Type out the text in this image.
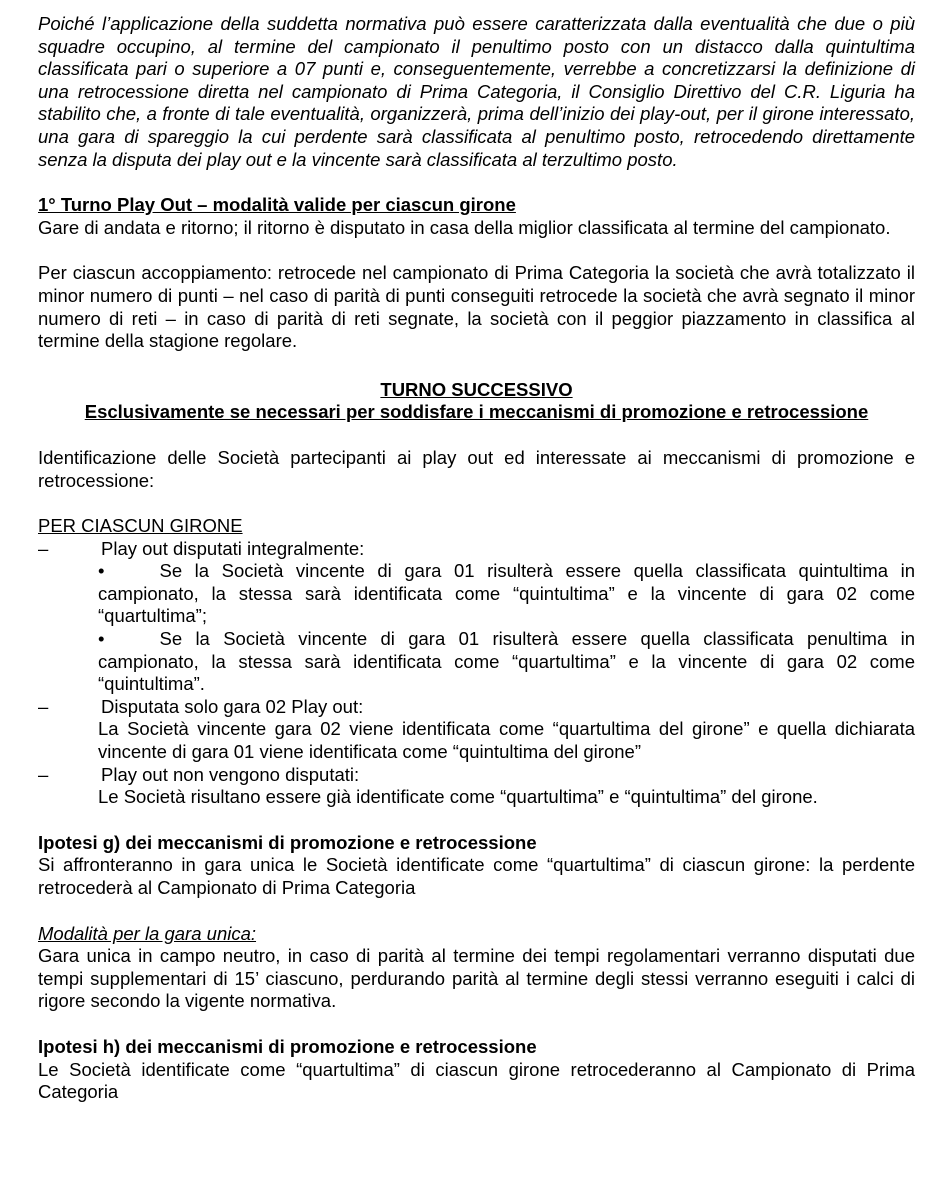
Poiché l’applicazione della suddetta normativa può essere caratterizzata dalla eventualità che due o più squadre occupino, al termine del campionato il penultimo posto con un distacco dalla quintultima classificata pari o superiore a 07 punti e, conseguentemente, verrebbe a concretizzarsi la definizione di una retrocessione diretta nel campionato di Prima Categoria, il Consiglio Direttivo del C.R. Liguria ha stabilito che, a fronte di tale eventualità, organizzerà, prima dell’inizio dei play-out, per il girone interessato, una gara di spareggio la cui perdente sarà classificata al penultimo posto, retrocedendo direttamente senza la disputa dei play out e la vincente sarà classificata al terzultimo posto.

1° Turno Play Out – modalità valide per ciascun girone

Gare di andata e ritorno; il ritorno è disputato in casa della miglior classificata al termine del campionato.

Per ciascun accoppiamento: retrocede nel campionato di Prima Categoria la società che avrà totalizzato il minor numero di punti – nel caso di parità di punti conseguiti retrocede la società che avrà segnato il minor numero di reti – in caso di parità di reti segnate, la società con il peggior piazzamento in classifica al termine della stagione regolare.

TURNO SUCCESSIVO

Esclusivamente se necessari per soddisfare i meccanismi di promozione e retrocessione

Identificazione delle Società partecipanti ai play out ed interessate ai meccanismi di promozione e retrocessione:

PER CIASCUN GIRONE

–	Play out disputati integralmente:

•	Se la Società vincente di gara 01 risulterà essere quella classificata quintultima in campionato, la stessa sarà identificata come “quintultima” e la vincente di gara 02 come “quartultima”;

•	Se la Società vincente di gara 01 risulterà essere quella classificata penultima in campionato, la stessa sarà identificata come “quartultima” e la vincente di gara 02 come “quintultima”.

–	Disputata solo gara 02 Play out:

La Società vincente gara 02 viene identificata come “quartultima del girone” e quella dichiarata vincente di gara 01 viene identificata come “quintultima del girone”

–	Play out non vengono disputati:

Le Società risultano essere già identificate come “quartultima” e “quintultima” del girone.

Ipotesi g) dei meccanismi di promozione e retrocessione

Si affronteranno in gara unica le Società identificate come “quartultima” di ciascun girone: la perdente retrocederà al Campionato di Prima Categoria

Modalità per la gara unica:

Gara unica in campo neutro, in caso di parità al termine dei tempi regolamentari verranno disputati due tempi supplementari di 15’ ciascuno, perdurando parità al termine degli stessi verranno eseguiti i calci di rigore secondo la vigente normativa.

Ipotesi h) dei meccanismi di promozione e retrocessione

Le Società identificate come “quartultima” di ciascun girone retrocederanno al Campionato di Prima Categoria
